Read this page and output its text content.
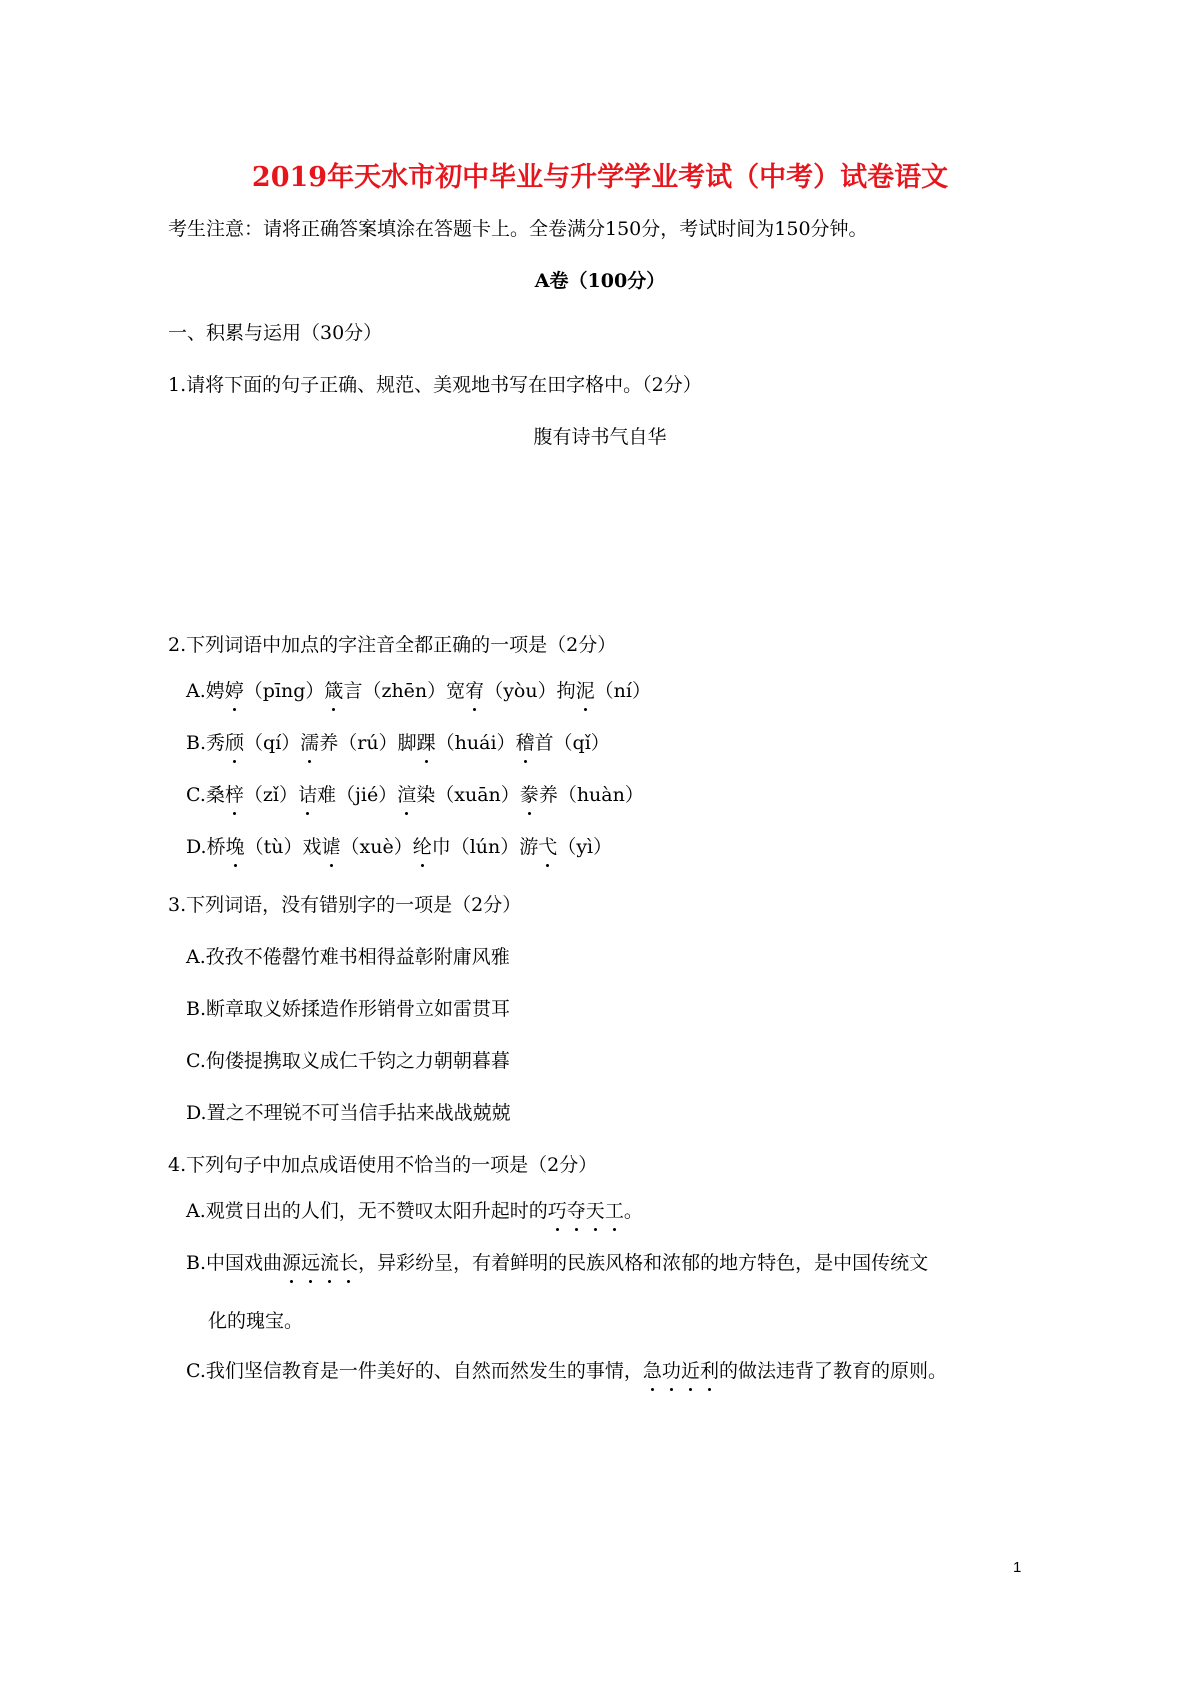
2019年天水市初中毕业与升学学业考试（中考）试卷语文
考生注意：请将正确答案填涂在答题卡上。全卷满分150分，考试时间为150分钟。
A卷（100分）
一、积累与运用（30分）
1.请将下面的句子正确、规范、美观地书写在田字格中。（2分）
腹有诗书气自华
2.下列词语中加点的字注音全都正确的一项是（2分）
A.娉婷（pīng）箴言（zhēn）宽宥（yòu）拘泥（ní）
B.秀颀（qí）濡养（rú）脚踝（huái）稽首（qǐ）
C.桑梓（zǐ）诘难（jié）渲染（xuān）豢养（huàn）
D.桥堍（tù）戏谑（xuè）纶巾（lún）游弋（yì）
3.下列词语，没有错别字的一项是（2分）
A.孜孜不倦罄竹难书相得益彰附庸风雅
B.断章取义娇揉造作形销骨立如雷贯耳
C.佝偻提携取义成仁千钧之力朝朝暮暮
D.置之不理锐不可当信手拈来战战兢兢
4.下列句子中加点成语使用不恰当的一项是（2分）
A.观赏日出的人们，无不赞叹太阳升起时的巧夺天工。
B.中国戏曲源远流长，异彩纷呈，有着鲜明的民族风格和浓郁的地方特色，是中国传统文
化的瑰宝。
C.我们坚信教育是一件美好的、自然而然发生的事情，急功近利的做法违背了教育的原则。
1
